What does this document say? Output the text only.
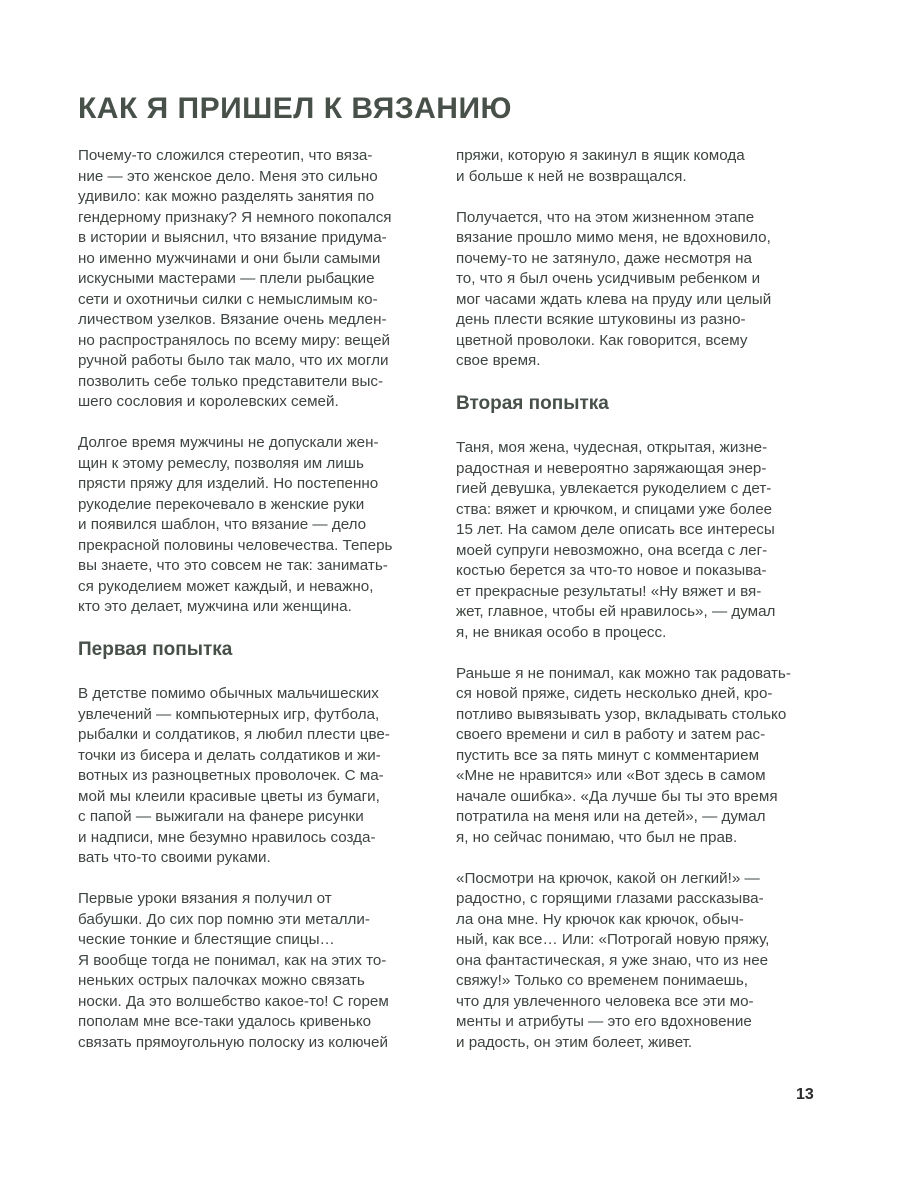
КАК Я ПРИШЕЛ К ВЯЗАНИЮ

Почему-то сложился стереотип, что вяза-
ние — это женское дело. Меня это сильно
удивило: как можно разделять занятия по
гендерному признаку? Я немного покопался
в истории и выяснил, что вязание придума-
но именно мужчинами и они были самыми
искусными мастерами — плели рыбацкие
сети и охотничьи силки с немыслимым ко-
личеством узелков. Вязание очень медлен-
но распространялось по всему миру: вещей
ручной работы было так мало, что их могли
позволить себе только представители выс-
шего сословия и королевских семей.

Долгое время мужчины не допускали жен-
щин к этому ремеслу, позволяя им лишь
прясти пряжу для изделий. Но постепенно
рукоделие перекочевало в женские руки
и появился шаблон, что вязание — дело
прекрасной половины человечества. Теперь
вы знаете, что это совсем не так: занимать-
ся рукоделием может каждый, и неважно,
кто это делает, мужчина или женщина.

Первая попытка

В детстве помимо обычных мальчишеских
увлечений — компьютерных игр, футбола,
рыбалки и солдатиков, я любил плести цве-
точки из бисера и делать солдатиков и жи-
вотных из разноцветных проволочек. С ма-
мой мы клеили красивые цветы из бумаги,
с папой — выжигали на фанере рисунки
и надписи, мне безумно нравилось созда-
вать что-то своими руками.

Первые уроки вязания я получил от
бабушки. До сих пор помню эти металли-
ческие тонкие и блестящие спицы…
Я вообще тогда не понимал, как на этих то-
неньких острых палочках можно связать
носки. Да это волшебство какое-то! С горем
пополам мне все-таки удалось кривенько
связать прямоугольную полоску из колючей

пряжи, которую я закинул в ящик комода
и больше к ней не возвращался.

Получается, что на этом жизненном этапе
вязание прошло мимо меня, не вдохновило,
почему-то не затянуло, даже несмотря на
то, что я был очень усидчивым ребенком и
мог часами ждать клева на пруду или целый
день плести всякие штуковины из разно-
цветной проволоки. Как говорится, всему
свое время.

Вторая попытка

Таня, моя жена, чудесная, открытая, жизне-
радостная и невероятно заряжающая энер-
гией девушка, увлекается рукоделием с дет-
ства: вяжет и крючком, и спицами уже более
15 лет. На самом деле описать все интересы
моей супруги невозможно, она всегда с лег-
костью берется за что-то новое и показыва-
ет прекрасные результаты! «Ну вяжет и вя-
жет, главное, чтобы ей нравилось», — думал
я, не вникая особо в процесс.

Раньше я не понимал, как можно так радовать-
ся новой пряже, сидеть несколько дней, кро-
потливо вывязывать узор, вкладывать столько
своего времени и сил в работу и затем рас-
пустить все за пять минут с комментарием
«Мне не нравится» или «Вот здесь в самом
начале ошибка». «Да лучше бы ты это время
потратила на меня или на детей», — думал
я, но сейчас понимаю, что был не прав.

«Посмотри на крючок, какой он легкий!» —
радостно, с горящими глазами рассказыва-
ла она мне. Ну крючок как крючок, обыч-
ный, как все… Или: «Потрогай новую пряжу,
она фантастическая, я уже знаю, что из нее
свяжу!» Только со временем понимаешь,
что для увлеченного человека все эти мо-
менты и атрибуты — это его вдохновение
и радость, он этим болеет, живет.

13
